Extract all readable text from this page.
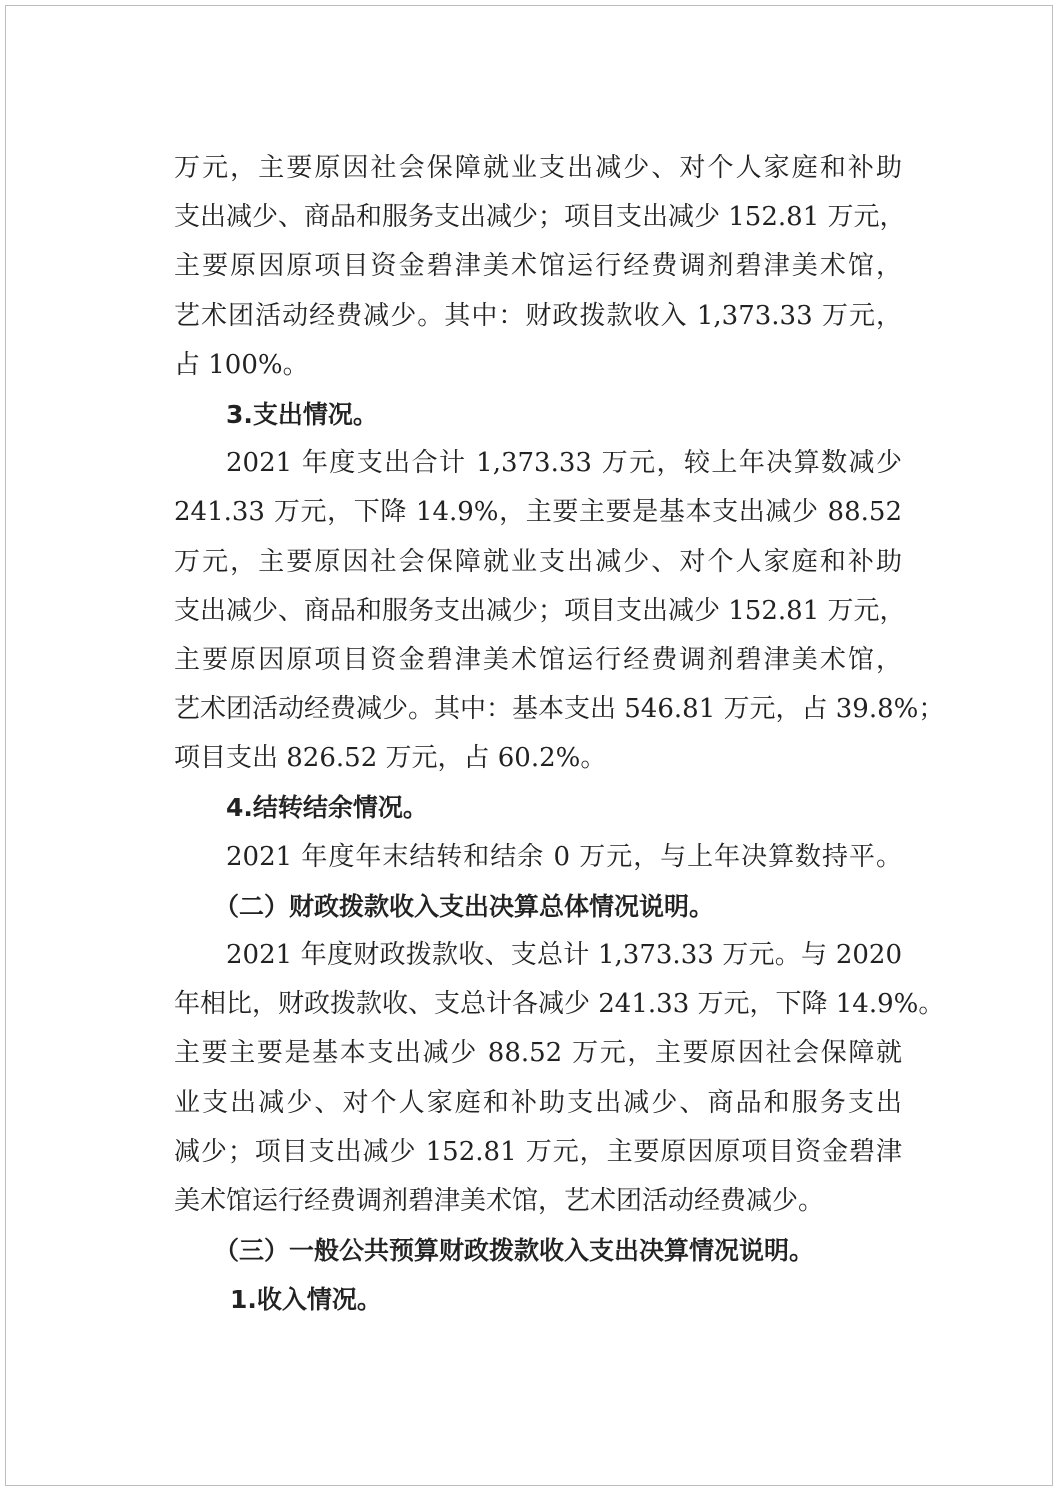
万元，主要原因社会保障就业支出减少、对个人家庭和补助
支出减少、商品和服务支出减少；项目支出减少 152.81 万元，
主要原因原项目资金碧津美术馆运行经费调剂碧津美术馆，
艺术团活动经费减少。其中：财政拨款收入 1,373.33 万元，
占 100%。
3.支出情况。
2021 年度支出合计 1,373.33 万元，较上年决算数减少
241.33 万元，下降 14.9%，主要主要是基本支出减少 88.52
万元，主要原因社会保障就业支出减少、对个人家庭和补助
支出减少、商品和服务支出减少；项目支出减少 152.81 万元，
主要原因原项目资金碧津美术馆运行经费调剂碧津美术馆，
艺术团活动经费减少。其中：基本支出 546.81 万元，占 39.8%；
项目支出 826.52 万元，占 60.2%。
4.结转结余情况。
2021 年度年末结转和结余 0 万元，与上年决算数持平。
（二）财政拨款收入支出决算总体情况说明。
2021 年度财政拨款收、支总计 1,373.33 万元。与 2020
年相比，财政拨款收、支总计各减少 241.33 万元，下降 14.9%。
主要主要是基本支出减少 88.52 万元，主要原因社会保障就
业支出减少、对个人家庭和补助支出减少、商品和服务支出
减少；项目支出减少 152.81 万元，主要原因原项目资金碧津
美术馆运行经费调剂碧津美术馆，艺术团活动经费减少。
（三）一般公共预算财政拨款收入支出决算情况说明。
1.收入情况。
